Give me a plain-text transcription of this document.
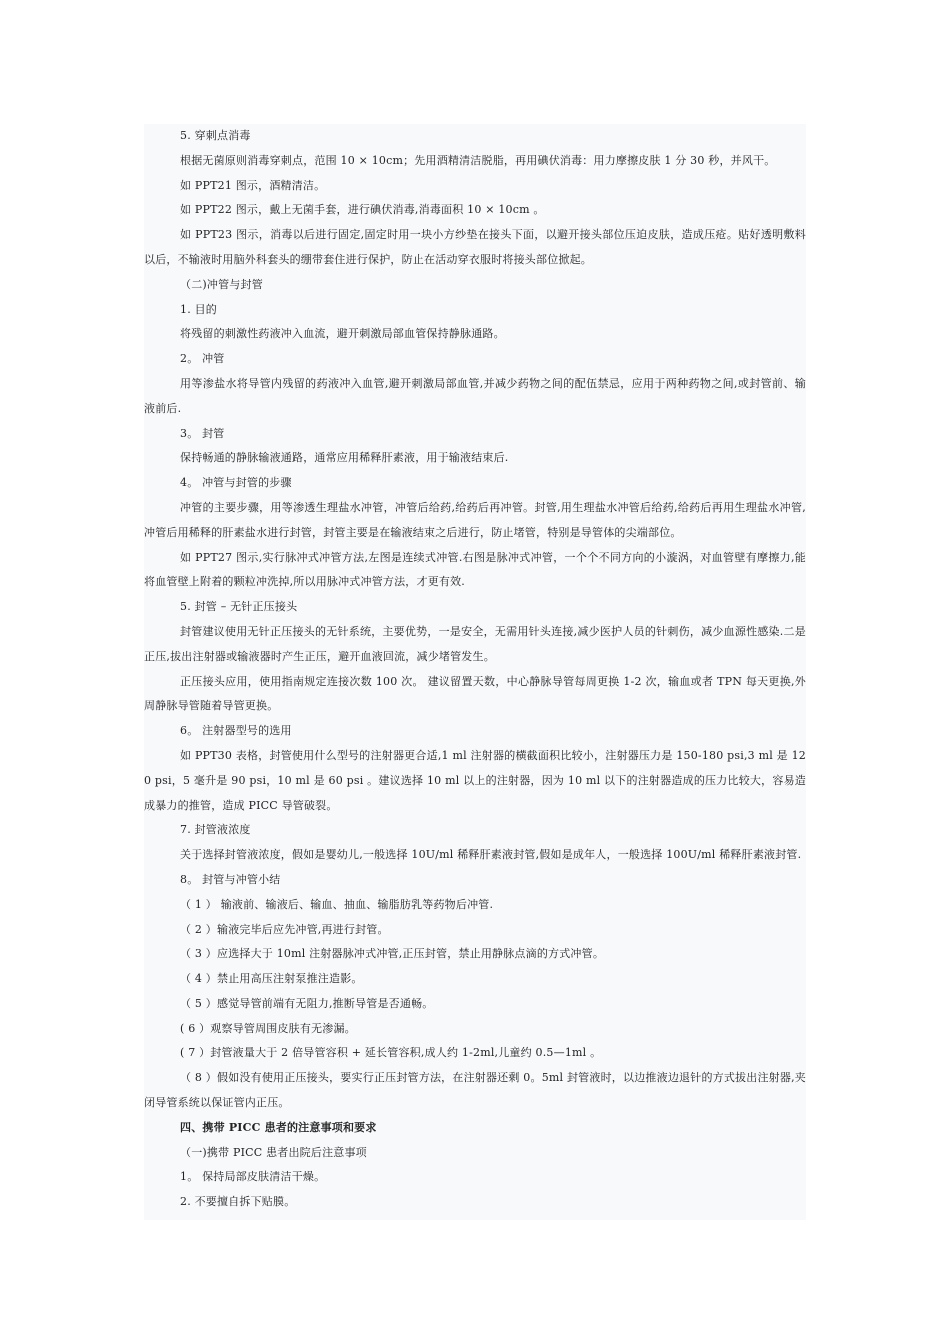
5. 穿刺点消毒

根据无菌原则消毒穿刺点，范围 10 × 10cm；先用酒精清洁脱脂，再用碘伏消毒：用力摩擦皮肤 1 分 30 秒，并风干。

如 PPT21 图示，酒精清洁。

如 PPT22 图示，戴上无菌手套，进行碘伏消毒,消毒面积 10 × 10cm 。

如 PPT23 图示，消毒以后进行固定,固定时用一块小方纱垫在接头下面，以避开接头部位压迫皮肤，造成压疮。贴好透明敷料以后，不输液时用脑外科套头的绷带套住进行保护，防止在活动穿衣服时将接头部位掀起。

（二)冲管与封管

1. 目的

将残留的刺激性药液冲入血流，避开刺激局部血管保持静脉通路。

2。 冲管

用等渗盐水将导管内残留的药液冲入血管,避开刺激局部血管,并减少药物之间的配伍禁忌，应用于两种药物之间,或封管前、输液前后.

3。 封管

保持畅通的静脉输液通路，通常应用稀释肝素液，用于输液结束后.

4。 冲管与封管的步骤

冲管的主要步骤，用等渗透生理盐水冲管，冲管后给药,给药后再冲管。封管,用生理盐水冲管后给药,给药后再用生理盐水冲管,冲管后用稀释的肝素盐水进行封管，封管主要是在输液结束之后进行，防止堵管，特别是导管体的尖端部位。

如 PPT27 图示,实行脉冲式冲管方法,左图是连续式冲管.右图是脉冲式冲管，一个个不同方向的小漩涡，对血管壁有摩擦力,能将血管壁上附着的颗粒冲洗掉,所以用脉冲式冲管方法，才更有效.

5. 封管 – 无针正压接头

封管建议使用无针正压接头的无针系统，主要优势，一是安全，无需用针头连接,减少医护人员的针刺伤，减少血源性感染.二是正压,拔出注射器或输液器时产生正压，避开血液回流，减少堵管发生。

正压接头应用，使用指南规定连接次数 100 次。 建议留置天数，中心静脉导管每周更换 1-2 次，输血或者 TPN 每天更换,外周静脉导管随着导管更换。

6。 注射器型号的选用

如 PPT30 表格，封管使用什么型号的注射器更合适,1 ml 注射器的横截面积比较小，注射器压力是 150-180 psi,3 ml 是 120 psi，5 毫升是 90 psi，10 ml 是 60 psi 。建议选择 10 ml 以上的注射器，因为 10 ml 以下的注射器造成的压力比较大，容易造成暴力的推管，造成 PICC 导管破裂。

7. 封管液浓度

关于选择封管液浓度，假如是婴幼儿,一般选择 10U/ml 稀释肝素液封管,假如是成年人，一般选择 100U/ml 稀释肝素液封管.

8。 封管与冲管小结

（ 1 ） 输液前、输液后、输血、抽血、输脂肪乳等药物后冲管.

（ 2 ）输液完毕后应先冲管,再进行封管。

（ 3 ）应选择大于 10ml 注射器脉冲式冲管,正压封管，禁止用静脉点滴的方式冲管。

（ 4 ）禁止用高压注射泵推注造影。

（ 5 ）感觉导管前端有无阻力,推断导管是否通畅。

( 6 ）观察导管周围皮肤有无渗漏。

( 7 ）封管液量大于 2 倍导管容积 + 延长管容积,成人约 1-2ml,儿童约 0.5—1ml 。

（ 8 ）假如没有使用正压接头，要实行正压封管方法，在注射器还剩 0。5ml 封管液时，以边推液边退针的方式拔出注射器,夹闭导管系统以保证管内正压。

四、携带 PICC 患者的注意事项和要求

（一)携带 PICC 患者出院后注意事项

1。 保持局部皮肤清洁干燥。

2. 不要擅自拆下贴膜。
